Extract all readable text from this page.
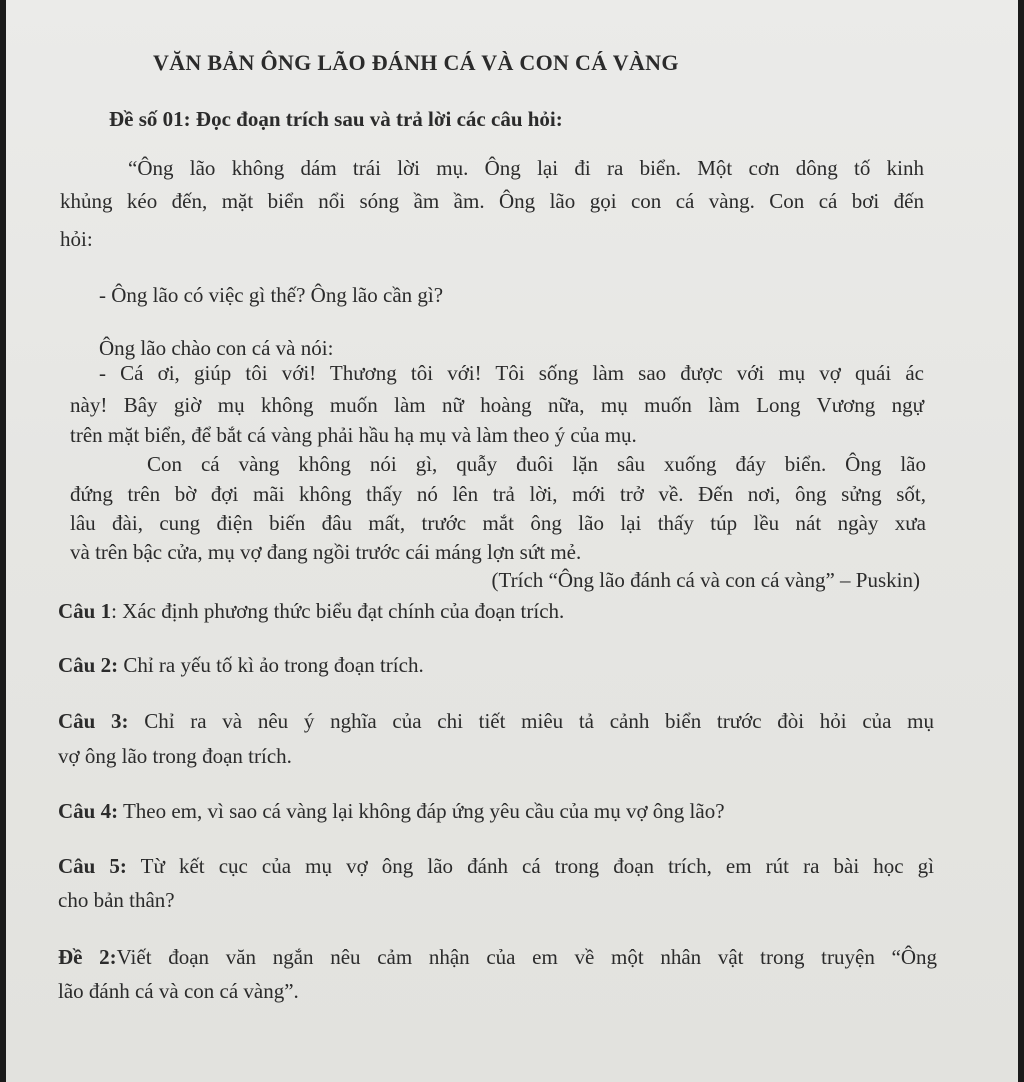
VĂN BẢN ÔNG LÃO ĐÁNH CÁ VÀ CON CÁ VÀNG
Đề số 01: Đọc đoạn trích sau và trả lời các câu hỏi:
“Ông lão không dám trái lời mụ. Ông lại đi ra biển. Một cơn dông tố kinh
khủng kéo đến, mặt biển nổi sóng ầm ầm. Ông lão gọi con cá vàng. Con cá bơi đến
hỏi:
- Ông lão có việc gì thế? Ông lão cần gì?
Ông lão chào con cá và nói:
- Cá ơi, giúp tôi với! Thương tôi với! Tôi sống làm sao được với mụ vợ quái ác
này! Bây giờ mụ không muốn làm nữ hoàng nữa, mụ muốn làm Long Vương ngự
trên mặt biển, để bắt cá vàng phải hầu hạ mụ và làm theo ý của mụ.
Con cá vàng không nói gì, quẫy đuôi lặn sâu xuống đáy biển. Ông lão
đứng trên bờ đợi mãi không thấy nó lên trả lời, mới trở về. Đến nơi, ông sửng sốt,
lâu đài, cung điện biến đâu mất, trước mắt ông lão lại thấy túp lều nát ngày xưa
và trên bậc cửa, mụ vợ đang ngồi trước cái máng lợn sứt mẻ.
(Trích “Ông lão đánh cá và con cá vàng” – Puskin)
Câu 1: Xác định phương thức biểu đạt chính của đoạn trích.
Câu 2: Chỉ ra yếu tố kì ảo trong đoạn trích.
Câu 3: Chỉ ra và nêu ý nghĩa của chi tiết miêu tả cảnh biển trước đòi hỏi của mụ
vợ ông lão trong đoạn trích.
Câu 4: Theo em, vì sao cá vàng lại không đáp ứng yêu cầu của mụ vợ ông lão?
Câu 5: Từ kết cục của mụ vợ ông lão đánh cá trong đoạn trích, em rút ra bài học gì
cho bản thân?
Đề 2:Viết đoạn văn ngắn nêu cảm nhận của em về một nhân vật trong truyện “Ông
lão đánh cá và con cá vàng”.
